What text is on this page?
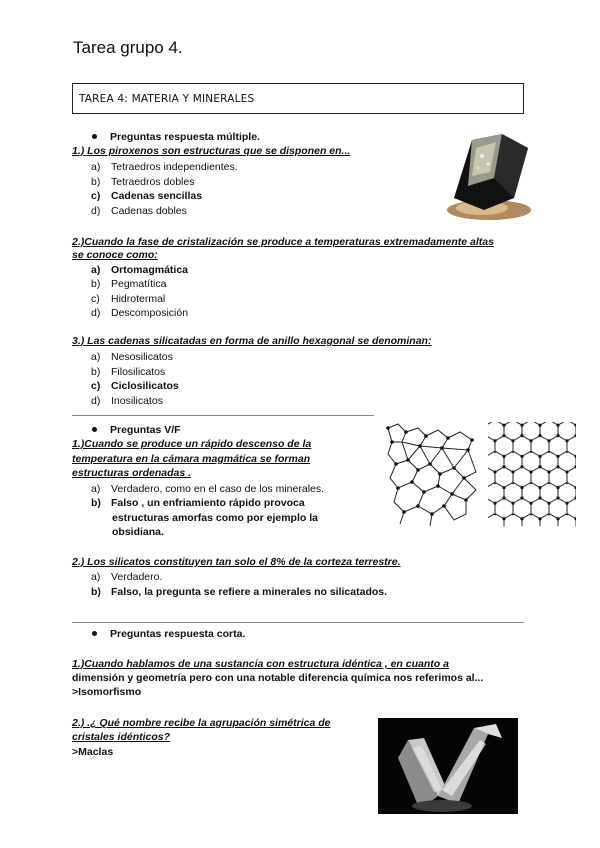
Tarea grupo 4.
TAREA 4: MATERIA Y MINERALES
Preguntas respuesta múltiple.
1.) Los piroxenos son estructuras que se disponen en...
a) Tetraedros independientes.
b) Tetraedros dobles
c) Cadenas sencillas
d) Cadenas dobles
2.)Cuando la fase de cristalización se produce a temperaturas extremadamente altas
se conoce como:
a) Ortomagmática
b) Pegmatítica
c) Hidrotermal
d) Descomposición
3.) Las cadenas silicatadas en forma de anillo hexagonal se denominan:
a) Nesosilicatos
b) Filosilicatos
c) Ciclosilicatos
d) Inosilicatos
Preguntas V/F
1.)Cuando se produce un rápido descenso de la
temperatura en la cámara magmática se forman
estructuras ordenadas .
a) Verdadero, como en el caso de los minerales.
b) Falso , un enfriamiento rápido provoca
estructuras amorfas como por ejemplo la
obsidiana.
2.) Los silicatos constituyen tan solo el 8% de la corteza terrestre.
a) Verdadero.
b) Falso, la pregunta se refiere a minerales no silicatados.
Preguntas respuesta corta.
1.)Cuando hablamos de una sustancia con estructura idéntica , en cuanto a
dimensión y geometría pero con una notable diferencia química nos referimos al...
>Isomorfismo
2.) .¿ Qué nombre recibe la agrupación simétrica de
cristales idénticos?
>Maclas
